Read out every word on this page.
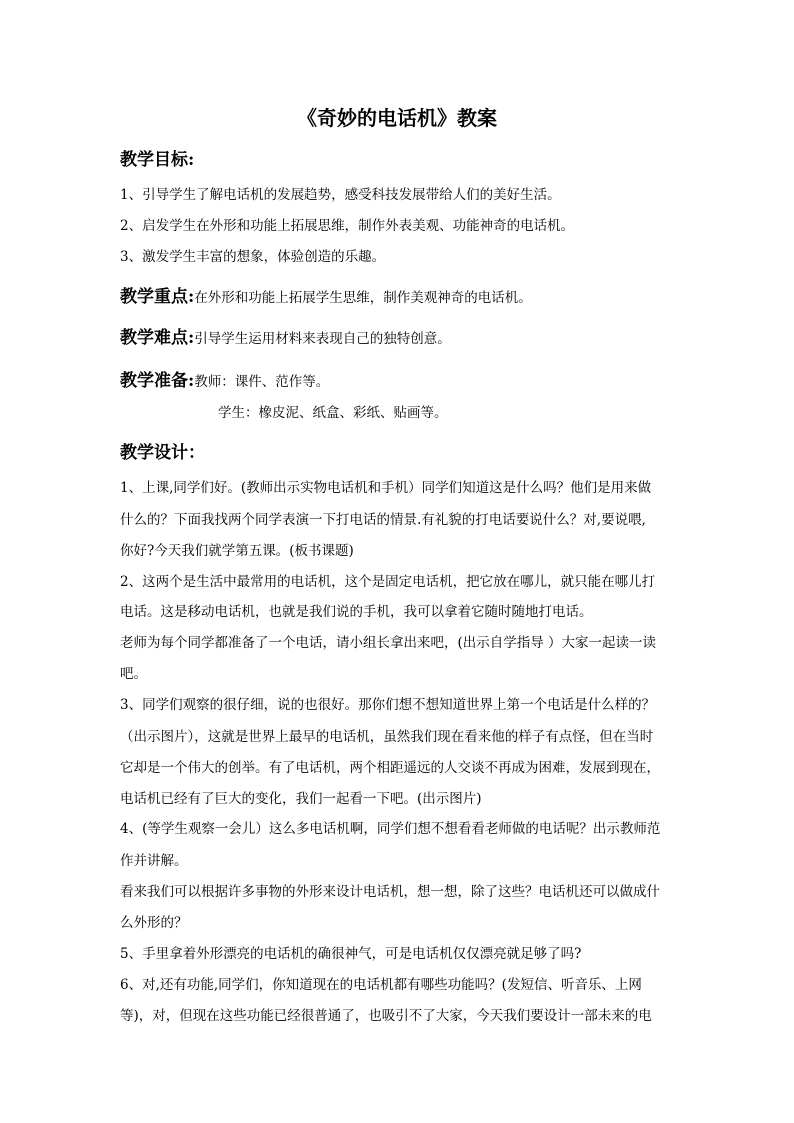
《奇妙的电话机》教案
教学目标:
1、引导学生了解电话机的发展趋势，感受科技发展带给人们的美好生活。
2、启发学生在外形和功能上拓展思维，制作外表美观、功能神奇的电话机。
3、激发学生丰富的想象，体验创造的乐趣。
教学重点:在外形和功能上拓展学生思维，制作美观神奇的电话机。
教学难点:引导学生运用材料来表现自己的独特创意。
教学准备:教师：课件、范作等。
学生：橡皮泥、纸盒、彩纸、贴画等。
教学设计：
1、上课,同学们好。(教师出示实物电话机和手机）同学们知道这是什么吗？他们是用来做
什么的？下面我找两个同学表演一下打电话的情景.有礼貌的打电话要说什么？对,要说喂,
你好?今天我们就学第五课。(板书课题)
2、这两个是生活中最常用的电话机，这个是固定电话机，把它放在哪儿，就只能在哪儿打
电话。这是移动电话机，也就是我们说的手机，我可以拿着它随时随地打电话。
老师为每个同学都准备了一个电话，请小组长拿出来吧，(出示自学指导 ）大家一起读一读
吧。
3、同学们观察的很仔细，说的也很好。那你们想不想知道世界上第一个电话是什么样的？
（出示图片），这就是世界上最早的电话机，虽然我们现在看来他的样子有点怪，但在当时
它却是一个伟大的创举。有了电话机，两个相距遥远的人交谈不再成为困难，发展到现在，
电话机已经有了巨大的变化，我们一起看一下吧。(出示图片)
4、(等学生观察一会儿）这么多电话机啊，同学们想不想看看老师做的电话呢？出示教师范
作并讲解。
看来我们可以根据许多事物的外形来设计电话机，想一想，除了这些？电话机还可以做成什
么外形的？
5、手里拿着外形漂亮的电话机的确很神气，可是电话机仅仅漂亮就足够了吗?
6、对,还有功能,同学们，你知道现在的电话机都有哪些功能吗？(发短信、听音乐、上网
等)，对，但现在这些功能已经很普通了，也吸引不了大家，今天我们要设计一部未来的电
